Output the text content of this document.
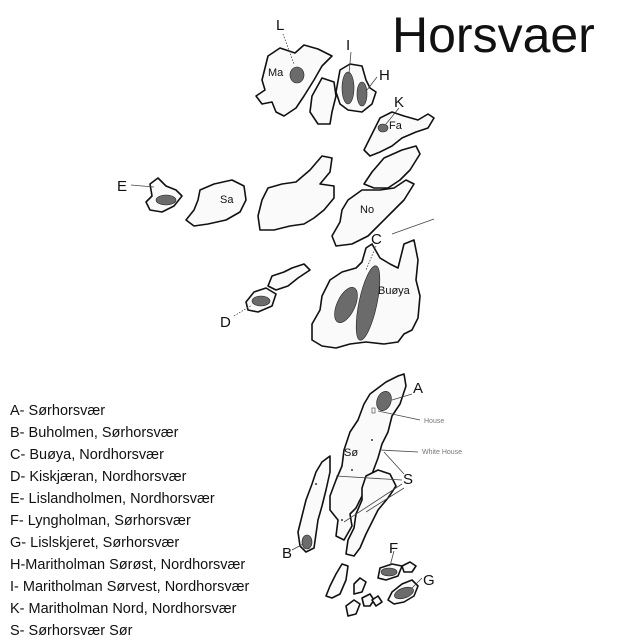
Ma
Fa
Sa
No
Buøya
L
I
H
K
E
C
D
Sø
House
White House
A
S
B	F
G
Horsvaer
A- Sørhorsvær
B- Buholmen, Sørhorsvær
C- Buøya, Nordhorsvær
D- Kiskjæran, Nordhorsvær
E- Lislandholmen, Nordhorsvær
F- Lyngholman, Sørhorsvær
G- Lislskjeret, Sørhorsvær
H-Maritholman Sørøst, Nordhorsvær
I- Maritholman Sørvest, Nordhorsvær
K- Maritholman Nord, Nordhorsvær
S- Sørhorsvær Sør
